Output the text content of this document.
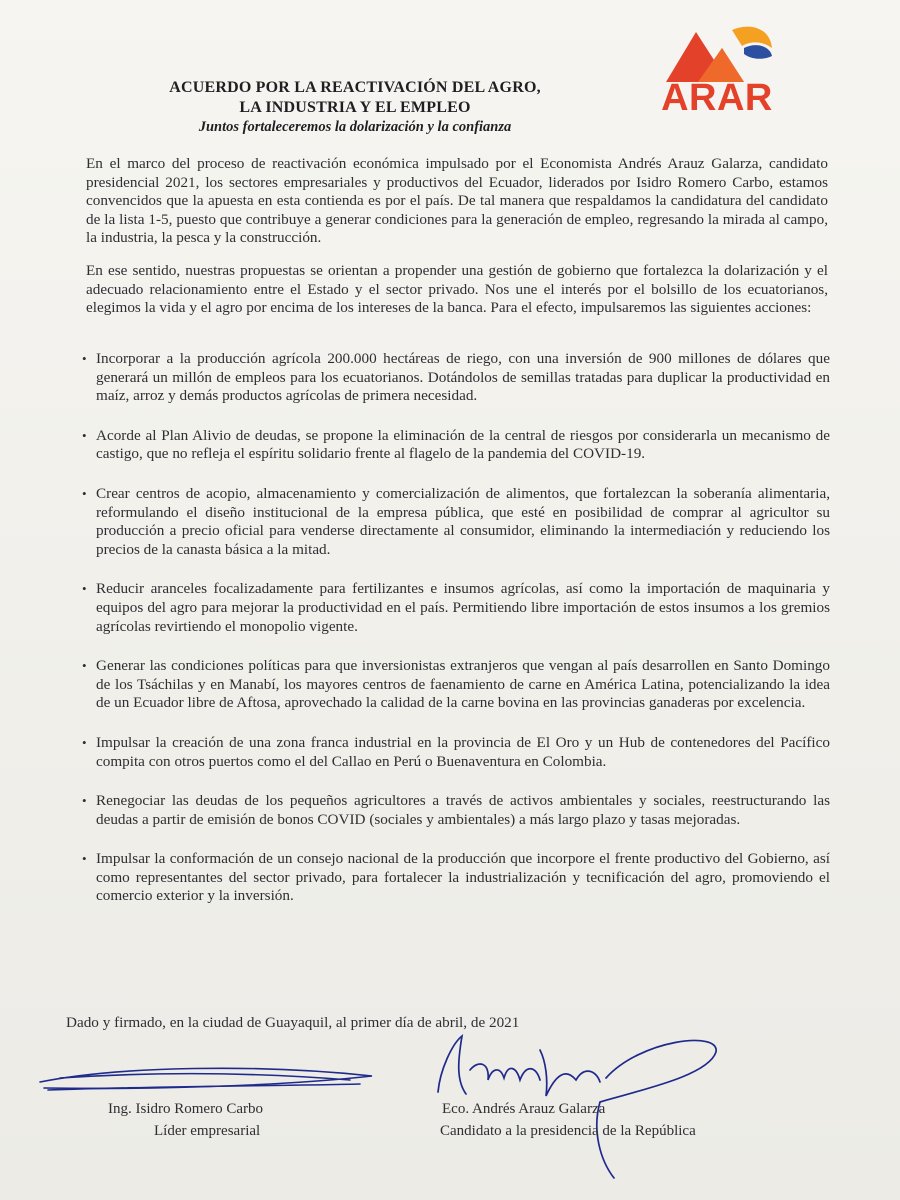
ARAR
ACUERDO POR LA REACTIVACIÓN DEL AGRO,
LA INDUSTRIA Y EL EMPLEO
Juntos fortaleceremos la dolarización y la confianza
En el marco del proceso de reactivación económica impulsado por el Economista Andrés Arauz Galarza, candidato presidencial 2021, los sectores empresariales y productivos del Ecuador, liderados por Isidro Romero Carbo, estamos convencidos que la apuesta en esta contienda es por el país. De tal manera que respaldamos la candidatura del candidato de la lista 1-5, puesto que contribuye a generar condiciones para la generación de empleo, regresando la mirada al campo, la industria, la pesca y la construcción.
En ese sentido, nuestras propuestas se orientan a propender una gestión de gobierno que fortalezca la dolarización y el adecuado relacionamiento entre el Estado y el sector privado. Nos une el interés por el bolsillo de los ecuatorianos, elegimos la vida y el agro por encima de los intereses de la banca. Para el efecto, impulsaremos las siguientes acciones:
• Incorporar a la producción agrícola 200.000 hectáreas de riego, con una inversión de 900 millones de dólares que generará un millón de empleos para los ecuatorianos. Dotándolos de semillas tratadas para duplicar la productividad en maíz, arroz y demás productos agrícolas de primera necesidad.
• Acorde al Plan Alivio de deudas, se propone la eliminación de la central de riesgos por considerarla un mecanismo de castigo, que no refleja el espíritu solidario frente al flagelo de la pandemia del COVID-19.
• Crear centros de acopio, almacenamiento y comercialización de alimentos, que fortalezcan la soberanía alimentaria, reformulando el diseño institucional de la empresa pública, que esté en posibilidad de comprar al agricultor su producción a precio oficial para venderse directamente al consumidor, eliminando la intermediación y reduciendo los precios de la canasta básica a la mitad.
• Reducir aranceles focalizadamente para fertilizantes e insumos agrícolas, así como la importación de maquinaria y equipos del agro para mejorar la productividad en el país. Permitiendo libre importación de estos insumos a los gremios agrícolas revirtiendo el monopolio vigente.
• Generar las condiciones políticas para que inversionistas extranjeros que vengan al país desarrollen en Santo Domingo de los Tsáchilas y en Manabí, los mayores centros de faenamiento de carne en América Latina, potencializando la idea de un Ecuador libre de Aftosa, aprovechado la calidad de la carne bovina en las provincias ganaderas por excelencia.
• Impulsar la creación de una zona franca industrial en la provincia de El Oro y un Hub de contenedores del Pacífico compita con otros puertos como el del Callao en Perú o Buenaventura en Colombia.
• Renegociar las deudas de los pequeños agricultores a través de activos ambientales y sociales, reestructurando las deudas a partir de emisión de bonos COVID (sociales y ambientales) a más largo plazo y tasas mejoradas.
• Impulsar la conformación de un consejo nacional de la producción que incorpore el frente productivo del Gobierno, así como representantes del sector privado, para fortalecer la industrialización y tecnificación del agro, promoviendo el comercio exterior y la inversión.
Dado y firmado, en la ciudad de Guayaquil, al primer día de abril, de 2021
Ing. Isidro Romero Carbo
Líder empresarial
Eco. Andrés Arauz Galarza
Candidato a la presidencia de la República
